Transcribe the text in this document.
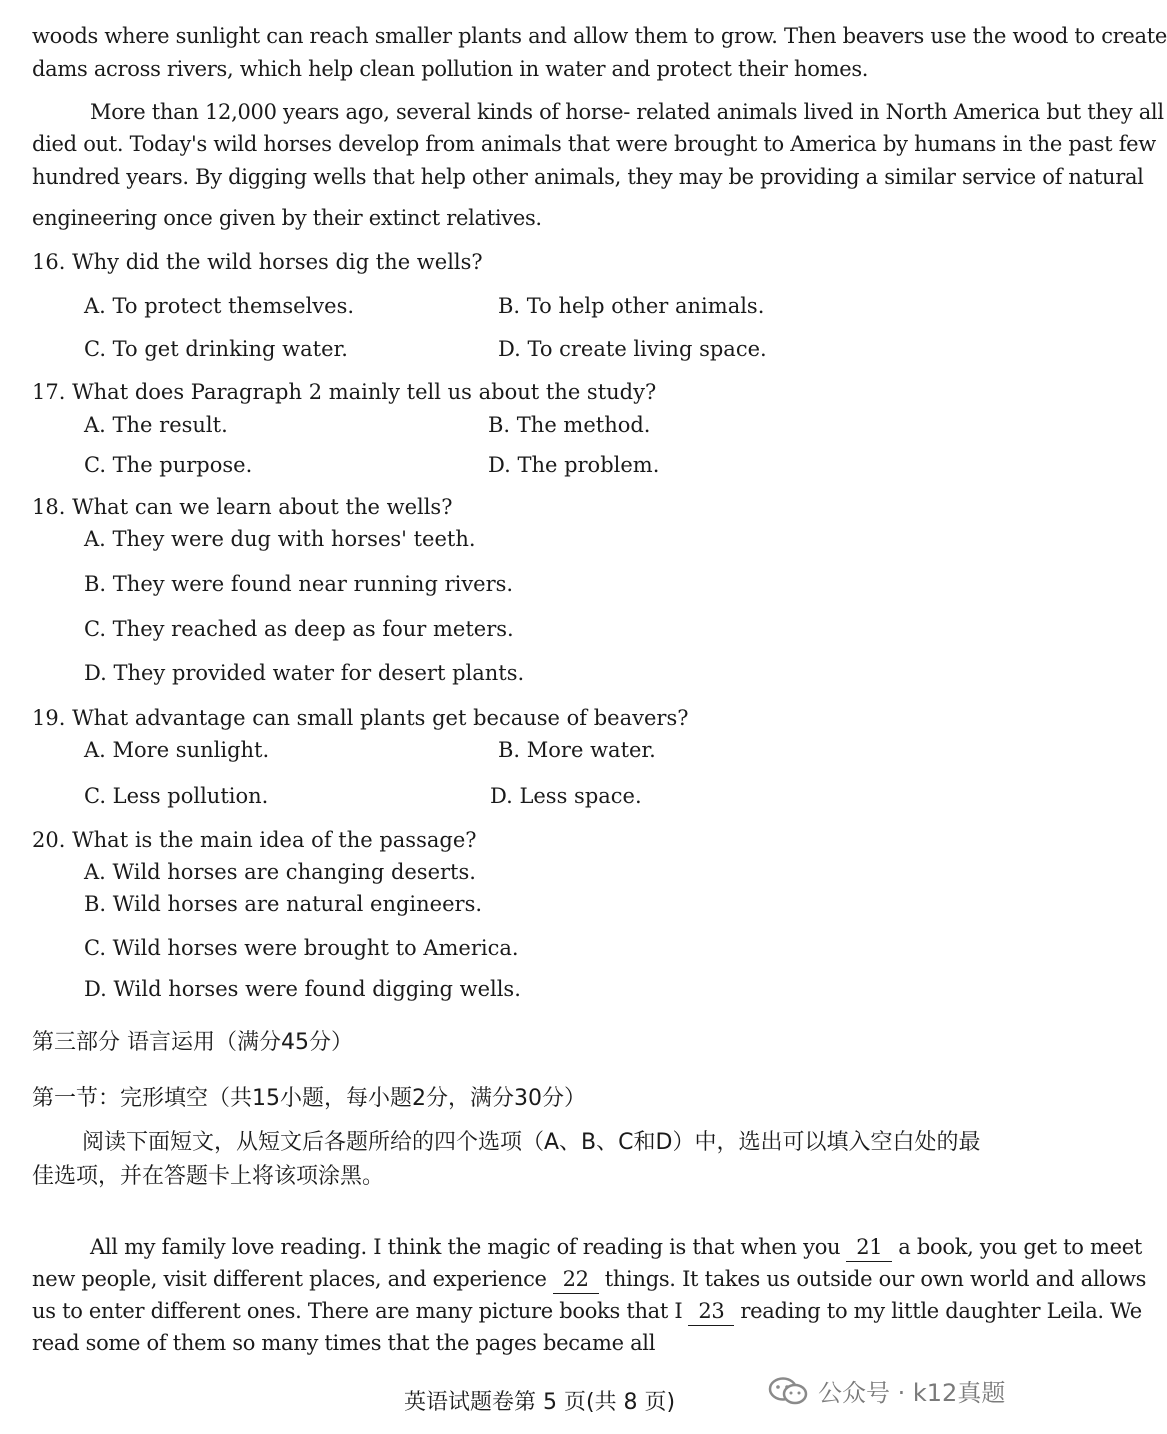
woods where sunlight can reach smaller plants and allow them to grow. Then beavers use the wood to create
dams across rivers, which help clean pollution in water and protect their homes.
More than 12,000 years ago, several kinds of horse- related animals lived in North America but they all
died out. Today's wild horses develop from animals that were brought to America by humans in the past few
hundred years. By digging wells that help other animals, they may be providing a similar service of natural
engineering once given by their extinct relatives.
16. Why did the wild horses dig the wells?
A. To protect themselves.	B. To help other animals.
C. To get drinking water.	D. To create living space.
17. What does Paragraph 2 mainly tell us about the study?
A. The result.	B. The method.
C. The purpose.	D. The problem.
18. What can we learn about the wells?
A. They were dug with horses' teeth.
B. They were found near running rivers.
C. They reached as deep as four meters.
D. They provided water for desert plants.
19. What advantage can small plants get because of beavers?
A. More sunlight.	B. More water.
C. Less pollution.	D. Less space.
20. What is the main idea of the passage?
A. Wild horses are changing deserts.
B. Wild horses are natural engineers.
C. Wild horses were brought to America.
D. Wild horses were found digging wells.
第三部分 语言运用（满分45分）
第一节：完形填空（共15小题，每小题2分，满分30分）
阅读下面短文，从短文后各题所给的四个选项（A、B、C和D）中，选出可以填入空白处的最
佳选项，并在答题卡上将该项涂黑。
All my family love reading. I think the magic of reading is that when you 21 a book, you get to meet
new people, visit different places, and experience 22 things. It takes us outside our own world and allows
us to enter different ones. There are many picture books that I 23 reading to my little daughter Leila. We
read some of them so many times that the pages became all
英语试题卷第 5 页(共 8 页)	公众号 · k12真题
